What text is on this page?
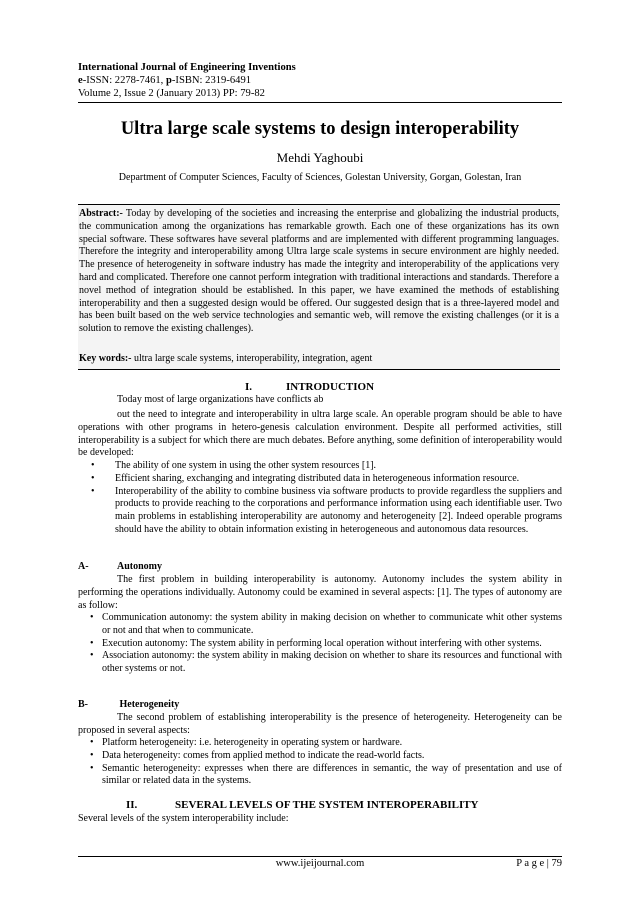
International Journal of Engineering Inventions
e-ISSN: 2278-7461, p-ISBN: 2319-6491
Volume 2, Issue 2 (January 2013) PP: 79-82
Ultra large scale systems to design interoperability
Mehdi Yaghoubi
Department of Computer Sciences, Faculty of Sciences, Golestan University, Gorgan, Golestan, Iran
Abstract:- Today by developing of the societies and increasing the enterprise and globalizing the industrial products, the communication among the organizations has remarkable growth. Each one of these organizations has its own special software. These softwares have several platforms and are implemented with different programming languages. Therefore the integrity and interoperability among Ultra large scale systems in secure environment are highly needed. The presence of heterogeneity in software industry has made the integrity and interoperability of the applications very hard and complicated. Therefore one cannot perform integration with traditional interactions and standards. Therefore a novel method of integration should be established. In this paper, we have examined the methods of establishing interoperability and then a suggested design would be offered. Our suggested design that is a three-layered model and has been built based on the web service technologies and semantic web, will remove the existing challenges (or it is a solution to remove the existing challenges).
Key words:- ultra large scale systems, interoperability, integration, agent
I.	INTRODUCTION
Today most of large organizations have conflicts ab
out the need to integrate and interoperability in ultra large scale. An operable program should be able to have operations with other programs in hetero-genesis calculation environment. Despite all performed activities, still interoperability is a subject for which there are much debates. Before anything, some definition of interoperability would be developed:
• The ability of one system in using the other system resources [1].
• Efficient sharing, exchanging and integrating distributed data in heterogeneous information resource.
• Interoperability of the ability to combine business via software products to provide regardless the suppliers and products to provide reaching to the corporations and performance information using each identifiable user. Two main problems in establishing interoperability are autonomy and heterogeneity [2]. Indeed operable programs should have the ability to obtain information existing in heterogeneous and autonomous data resources.
A-	Autonomy
The first problem in building interoperability is autonomy. Autonomy includes the system ability in performing the operations individually. Autonomy could be examined in several aspects: [1]. The types of autonomy are as follow:
• Communication autonomy: the system ability in making decision on whether to communicate whit other systems or not and that when to communicate.
• Execution autonomy: The system ability in performing local operation without interfering with other systems.
• Association autonomy: the system ability in making decision on whether to share its resources and functional with other systems or not.
B-	Heterogeneity
The second problem of establishing interoperability is the presence of heterogeneity. Heterogeneity can be proposed in several aspects:
• Platform heterogeneity: i.e. heterogeneity in operating system or hardware.
• Data heterogeneity: comes from applied method to indicate the read-world facts.
• Semantic heterogeneity: expresses when there are differences in semantic, the way of presentation and use of similar or related data in the systems.
II.	SEVERAL LEVELS OF THE SYSTEM INTEROPERABILITY
Several levels of the system interoperability include:
www.ijeijournal.com	P a g e | 79
